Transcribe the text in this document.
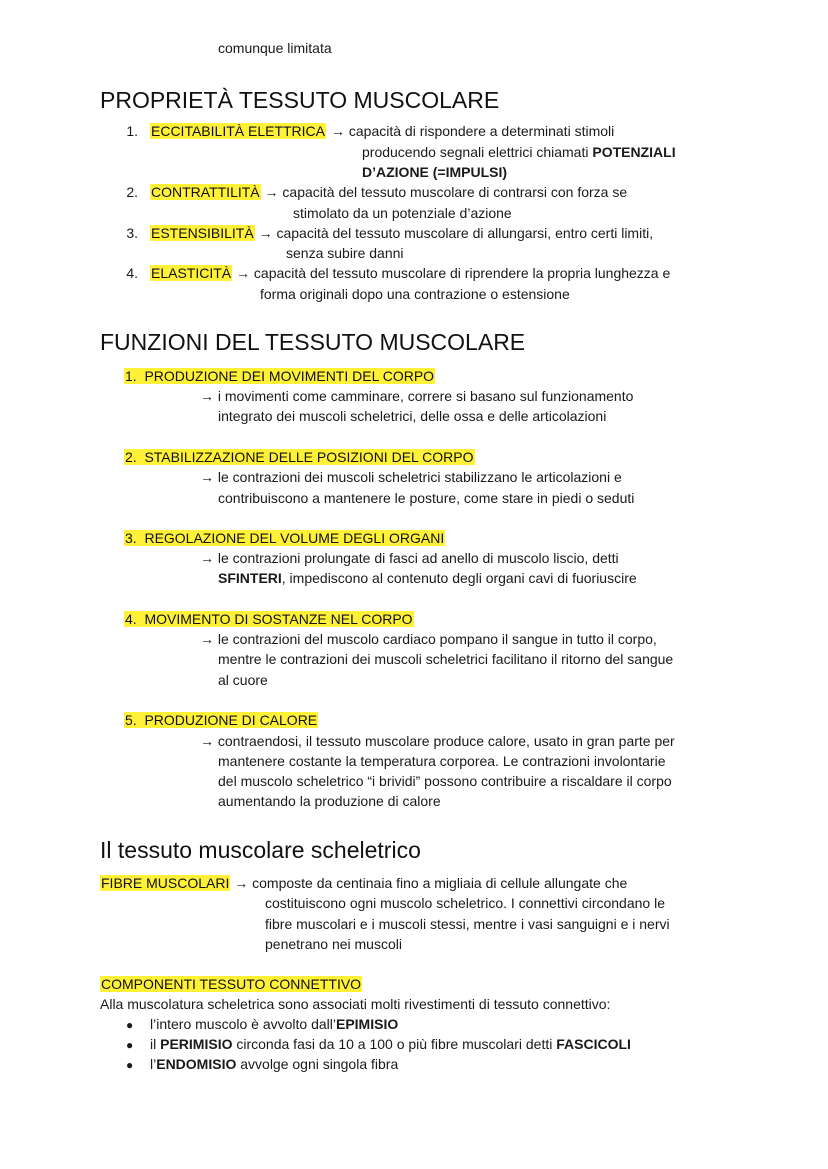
comunque limitata
PROPRIETÀ TESSUTO MUSCOLARE
1. ECCITABILITÀ ELETTRICA → capacità di rispondere a determinati stimoli
producendo segnali elettrici chiamati POTENZIALI
D’AZIONE (=IMPULSI)
2. CONTRATTILITÀ → capacità del tessuto muscolare di contrarsi con forza se
stimolato da un potenziale d’azione
3. ESTENSIBILITÀ → capacità del tessuto muscolare di allungarsi, entro certi limiti,
senza subire danni
4. ELASTICITÀ → capacità del tessuto muscolare di riprendere la propria lunghezza e
forma originali dopo una contrazione o estensione
FUNZIONI DEL TESSUTO MUSCOLARE
1.  PRODUZIONE DEI MOVIMENTI DEL CORPO
→ i movimenti come camminare, correre si basano sul funzionamento
integrato dei muscoli scheletrici, delle ossa e delle articolazioni
2.  STABILIZZAZIONE DELLE POSIZIONI DEL CORPO
→ le contrazioni dei muscoli scheletrici stabilizzano le articolazioni e
contribuiscono a mantenere le posture, come stare in piedi o seduti
3.  REGOLAZIONE DEL VOLUME DEGLI ORGANI
→ le contrazioni prolungate di fasci ad anello di muscolo liscio, detti
SFINTERI, impediscono al contenuto degli organi cavi di fuoriuscire
4.  MOVIMENTO DI SOSTANZE NEL CORPO
→ le contrazioni del muscolo cardiaco pompano il sangue in tutto il corpo,
mentre le contrazioni dei muscoli scheletrici facilitano il ritorno del sangue
al cuore
5.  PRODUZIONE DI CALORE
→ contraendosi, il tessuto muscolare produce calore, usato in gran parte per
mantenere costante la temperatura corporea. Le contrazioni involontarie
del muscolo scheletrico “i brividi” possono contribuire a riscaldare il corpo
aumentando la produzione di calore
Il tessuto muscolare scheletrico
FIBRE MUSCOLARI → composte da centinaia fino a migliaia di cellule allungate che
costituiscono ogni muscolo scheletrico. I connettivi circondano le
fibre muscolari e i muscoli stessi, mentre i vasi sanguigni e i nervi
penetrano nei muscoli
COMPONENTI TESSUTO CONNETTIVO
Alla muscolatura scheletrica sono associati molti rivestimenti di tessuto connettivo:
● l’intero muscolo è avvolto dall’EPIMISIO
● il PERIMISIO circonda fasi da 10 a 100 o più fibre muscolari detti FASCICOLI
● l’ENDOMISIO avvolge ogni singola fibra
